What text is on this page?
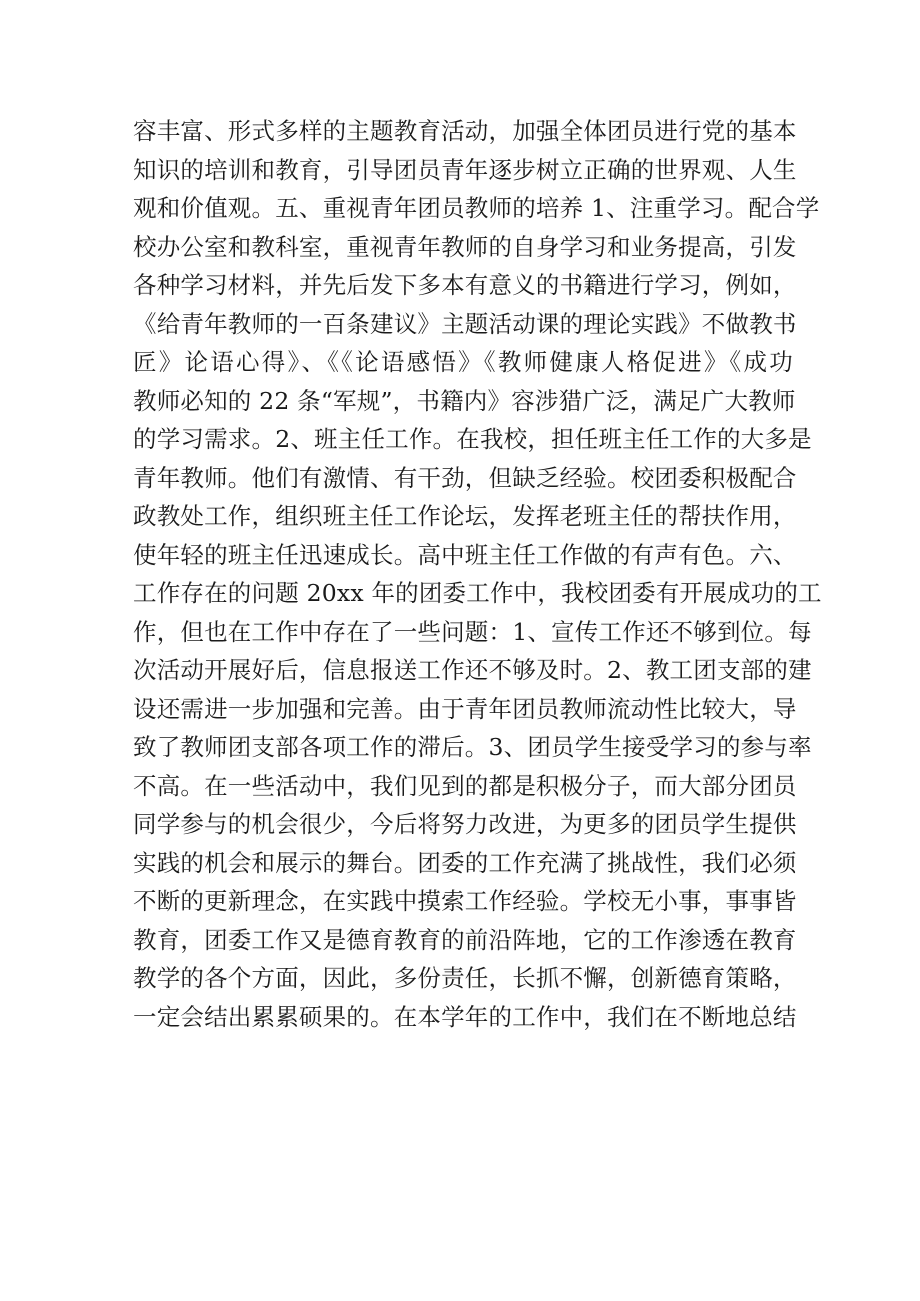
容丰富、形式多样的主题教育活动，加强全体团员进行党的基本
知识的培训和教育，引导团员青年逐步树立正确的世界观、人生
观和价值观。五、重视青年团员教师的培养 1、注重学习。配合学
校办公室和教科室，重视青年教师的自身学习和业务提高，引发
各种学习材料，并先后发下多本有意义的书籍进行学习，例如，
《给青年教师的一百条建议》主题活动课的理论实践》不做教书
匠》论语心得》、《《论语感悟》《教师健康人格促进》《成功
教师必知的 22 条“军规”，书籍内》容涉猎广泛，满足广大教师
的学习需求。2、班主任工作。在我校，担任班主任工作的大多是
青年教师。他们有激情、有干劲，但缺乏经验。校团委积极配合
政教处工作，组织班主任工作论坛，发挥老班主任的帮扶作用，
使年轻的班主任迅速成长。高中班主任工作做的有声有色。六、
工作存在的问题 20xx 年的团委工作中，我校团委有开展成功的工
作，但也在工作中存在了一些问题：1、宣传工作还不够到位。每
次活动开展好后，信息报送工作还不够及时。2、教工团支部的建
设还需进一步加强和完善。由于青年团员教师流动性比较大，导
致了教师团支部各项工作的滞后。3、团员学生接受学习的参与率
不高。在一些活动中，我们见到的都是积极分子，而大部分团员
同学参与的机会很少，今后将努力改进，为更多的团员学生提供
实践的机会和展示的舞台。团委的工作充满了挑战性，我们必须
不断的更新理念，在实践中摸索工作经验。学校无小事，事事皆
教育，团委工作又是德育教育的前沿阵地，它的工作渗透在教育
教学的各个方面，因此，多份责任，长抓不懈，创新德育策略，
一定会结出累累硕果的。在本学年的工作中，我们在不断地总结
